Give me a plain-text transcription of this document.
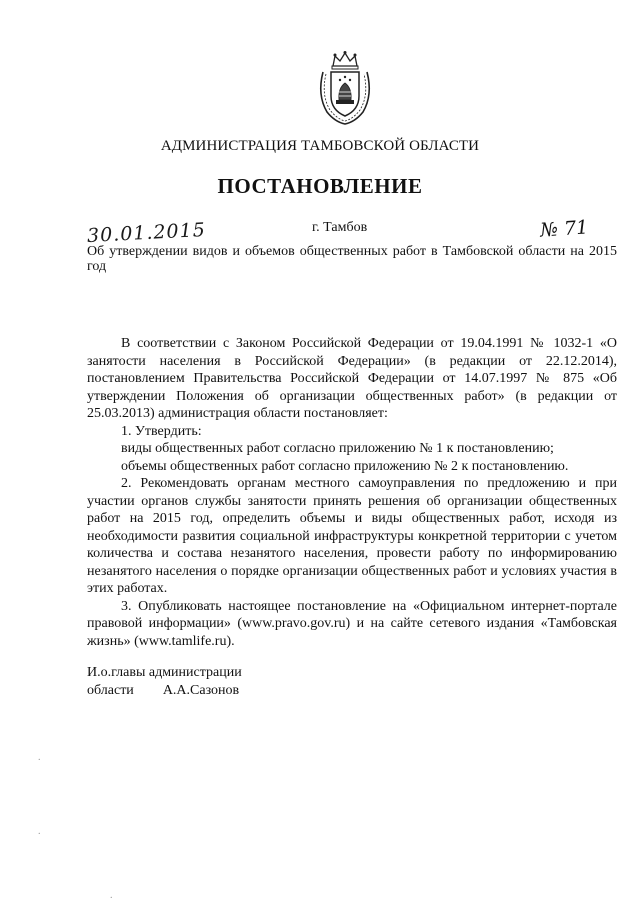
АДМИНИСТРАЦИЯ ТАМБОВСКОЙ ОБЛАСТИ
ПОСТАНОВЛЕНИЕ
30.01.2015	г. Тамбов	№ 71
Об утверждении видов и объемов общественных работ в Тамбовской области на 2015 год

В соответствии с Законом Российской Федерации от 19.04.1991 № 1032-1 «О занятости населения в Российской Федерации» (в редакции от 22.12.2014), постановлением Правительства Российской Федерации от 14.07.1997 № 875 «Об утверждении Положения об организации общественных работ» (в редакции от 25.03.2013) администрация области постановляет:

1. Утвердить:

виды общественных работ согласно приложению № 1 к постановлению;

объемы общественных работ согласно приложению № 2 к постановлению.

2. Рекомендовать органам местного самоуправления по предложению и при участии органов службы занятости принять решения об организации общественных работ на 2015 год, определить объемы и виды общественных работ, исходя из необходимости развития социальной инфраструктуры конкретной территории с учетом количества и состава незанятого населения, провести работу по информированию незанятого населения о порядке организации общественных работ и условиях участия в этих работах.

3. Опубликовать настоящее постановление на «Официальном интернет-портале правовой информации» (www.pravo.gov.ru) и на сайте сетевого издания «Тамбовская жизнь» (www.tamlife.ru).

И.о.главы администрации
области А.А.Сазонов
.
.
.
